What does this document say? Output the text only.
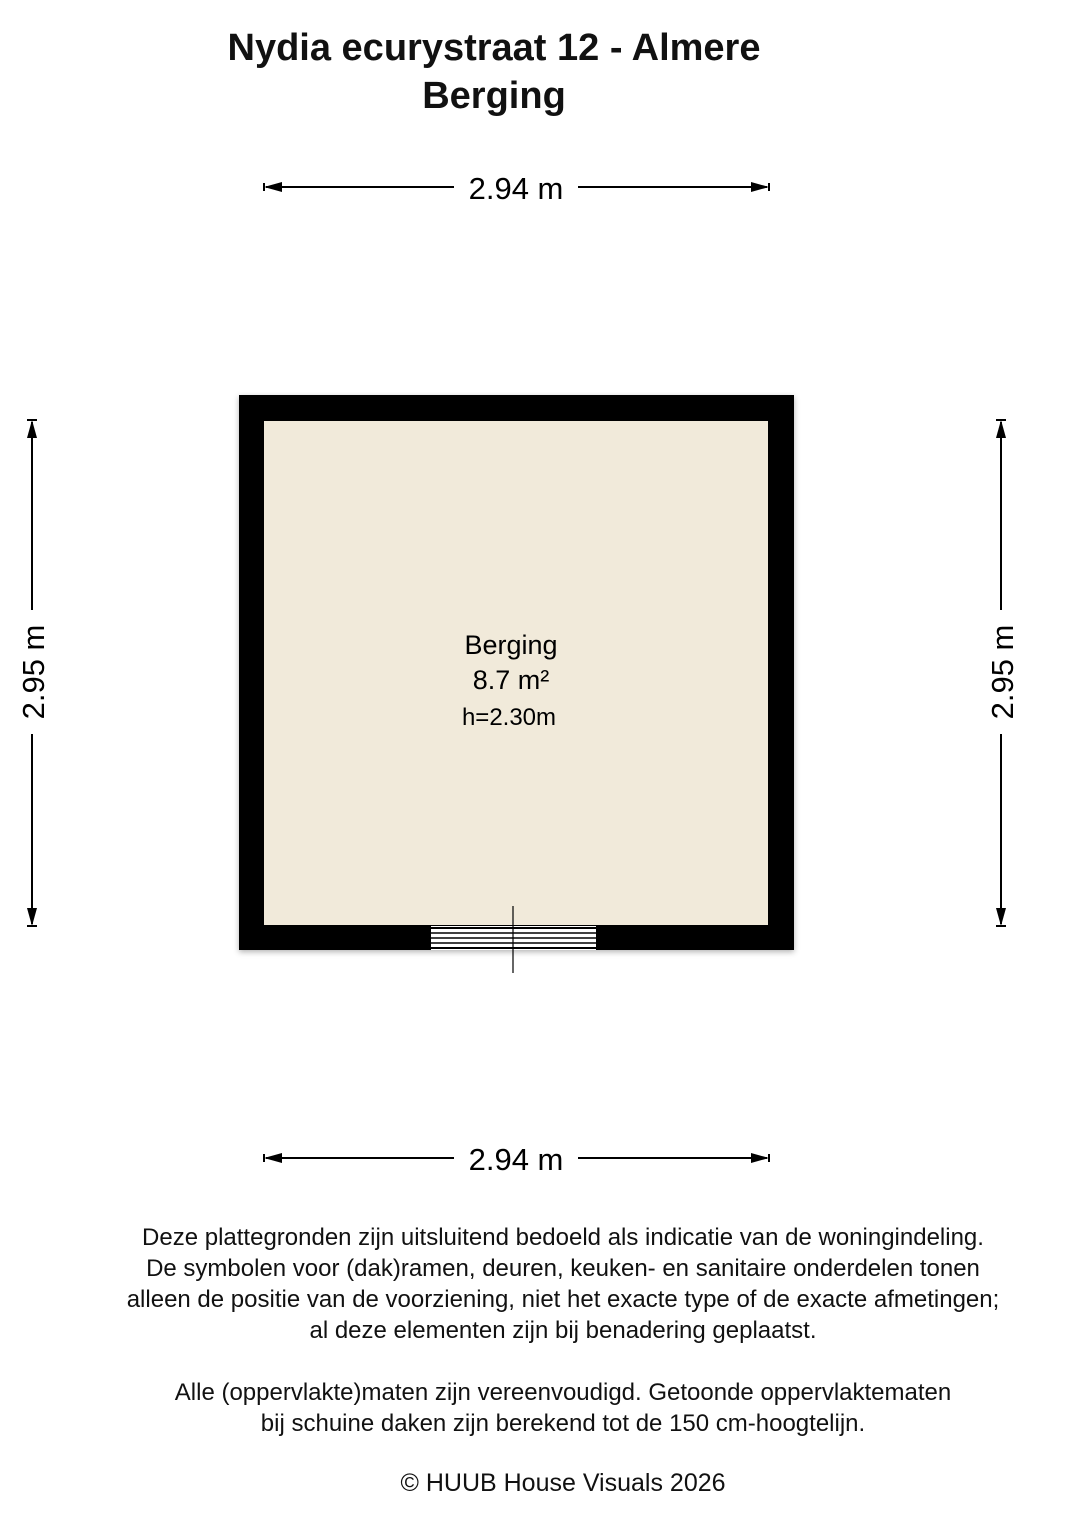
Nydia ecurystraat 12 - Almere
Berging
2.94 m
2.94 m
2.95 m	2.95 m
Berging
8.7 m²
h=2.30m

Deze plattegronden zijn uitsluitend bedoeld als indicatie van de woningindeling.

De symbolen voor (dak)ramen, deuren, keuken- en sanitaire onderdelen tonen

alleen de positie van de voorziening, niet het exacte type of de exacte afmetingen;

al deze elementen zijn bij benadering geplaatst.

Alle (oppervlakte)maten zijn vereenvoudigd. Getoonde oppervlaktematen

bij schuine daken zijn berekend tot de 150 cm-hoogtelijn.

© HUUB House Visuals 2026
